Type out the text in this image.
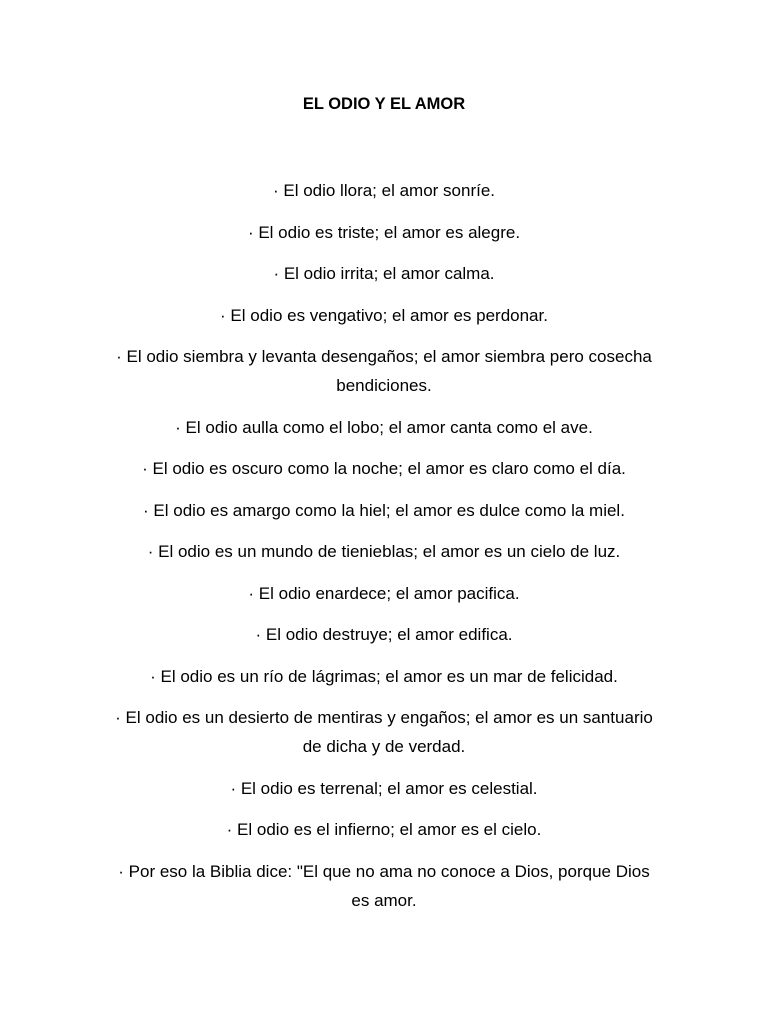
EL ODIO Y EL AMOR
· El odio llora; el amor sonríe.
· El odio es triste; el amor es alegre.
· El odio irrita; el amor calma.
· El odio es vengativo; el amor es perdonar.
· El odio siembra y levanta desengaños; el amor siembra pero cosecha bendiciones.
· El odio aulla como el lobo; el amor canta como el ave.
· El odio es oscuro como la noche; el amor es claro como el día.
· El odio es amargo como la hiel; el amor es dulce como la miel.
· El odio es un mundo de tienieblas; el amor es un cielo de luz.
· El odio enardece; el amor pacifica.
· El odio destruye; el amor edifica.
· El odio es un río de lágrimas; el amor es un mar de felicidad.
· El odio es un desierto de mentiras y engaños; el amor es un santuario de dicha y de verdad.
· El odio es terrenal; el amor es celestial.
· El odio es el infierno; el amor es el cielo.
· Por eso la Biblia dice: "El que no ama no conoce a Dios, porque Dios es amor.
